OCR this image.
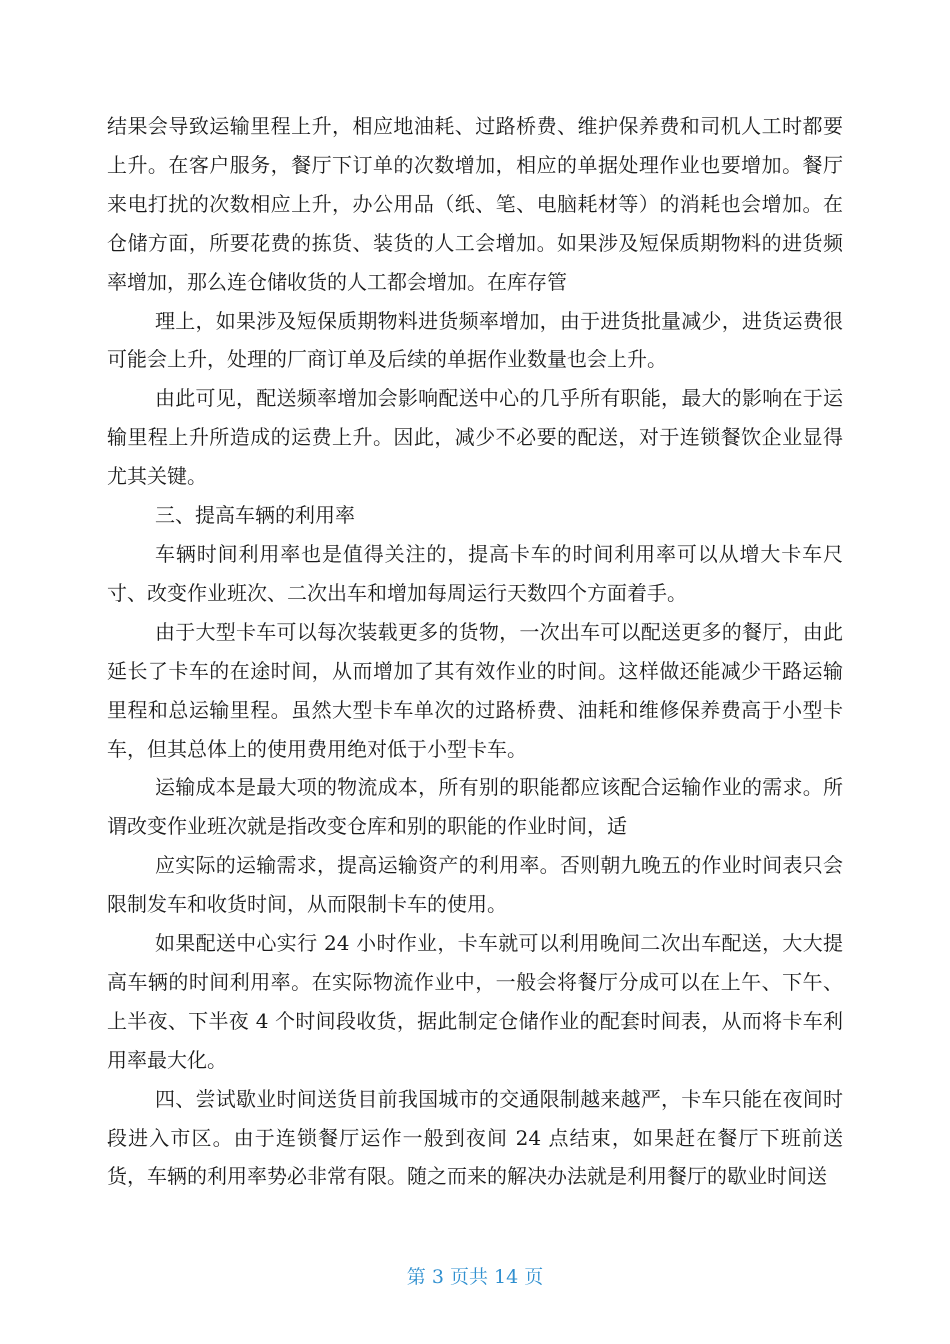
结果会导致运输里程上升，相应地油耗、过路桥费、维护保养费和司机人工时都要上升。在客户服务，餐厅下订单的次数增加，相应的单据处理作业也要增加。餐厅来电打扰的次数相应上升，办公用品（纸、笔、电脑耗材等）的消耗也会增加。在仓储方面，所要花费的拣货、装货的人工会增加。如果涉及短保质期物料的进货频率增加，那么连仓储收货的人工都会增加。在库存管

理上，如果涉及短保质期物料进货频率增加，由于进货批量减少，进货运费很可能会上升，处理的厂商订单及后续的单据作业数量也会上升。

由此可见，配送频率增加会影响配送中心的几乎所有职能，最大的影响在于运输里程上升所造成的运费上升。因此，减少不必要的配送，对于连锁餐饮企业显得尤其关键。

三、提高车辆的利用率

车辆时间利用率也是值得关注的，提高卡车的时间利用率可以从增大卡车尺寸、改变作业班次、二次出车和增加每周运行天数四个方面着手。

由于大型卡车可以每次装载更多的货物，一次出车可以配送更多的餐厅，由此延长了卡车的在途时间，从而增加了其有效作业的时间。这样做还能减少干路运输里程和总运输里程。虽然大型卡车单次的过路桥费、油耗和维修保养费高于小型卡车，但其总体上的使用费用绝对低于小型卡车。

运输成本是最大项的物流成本，所有别的职能都应该配合运输作业的需求。所谓改变作业班次就是指改变仓库和别的职能的作业时间，适

应实际的运输需求，提高运输资产的利用率。否则朝九晚五的作业时间表只会限制发车和收货时间，从而限制卡车的使用。

如果配送中心实行 24 小时作业，卡车就可以利用晚间二次出车配送，大大提高车辆的时间利用率。在实际物流作业中，一般会将餐厅分成可以在上午、下午、上半夜、下半夜 4 个时间段收货，据此制定仓储作业的配套时间表，从而将卡车利用率最大化。

四、尝试歇业时间送货目前我国城市的交通限制越来越严，卡车只能在夜间时段进入市区。由于连锁餐厅运作一般到夜间 24 点结束，如果赶在餐厅下班前送货，车辆的利用率势必非常有限。随之而来的解决办法就是利用餐厅的歇业时间送

第 3 页共 14 页
